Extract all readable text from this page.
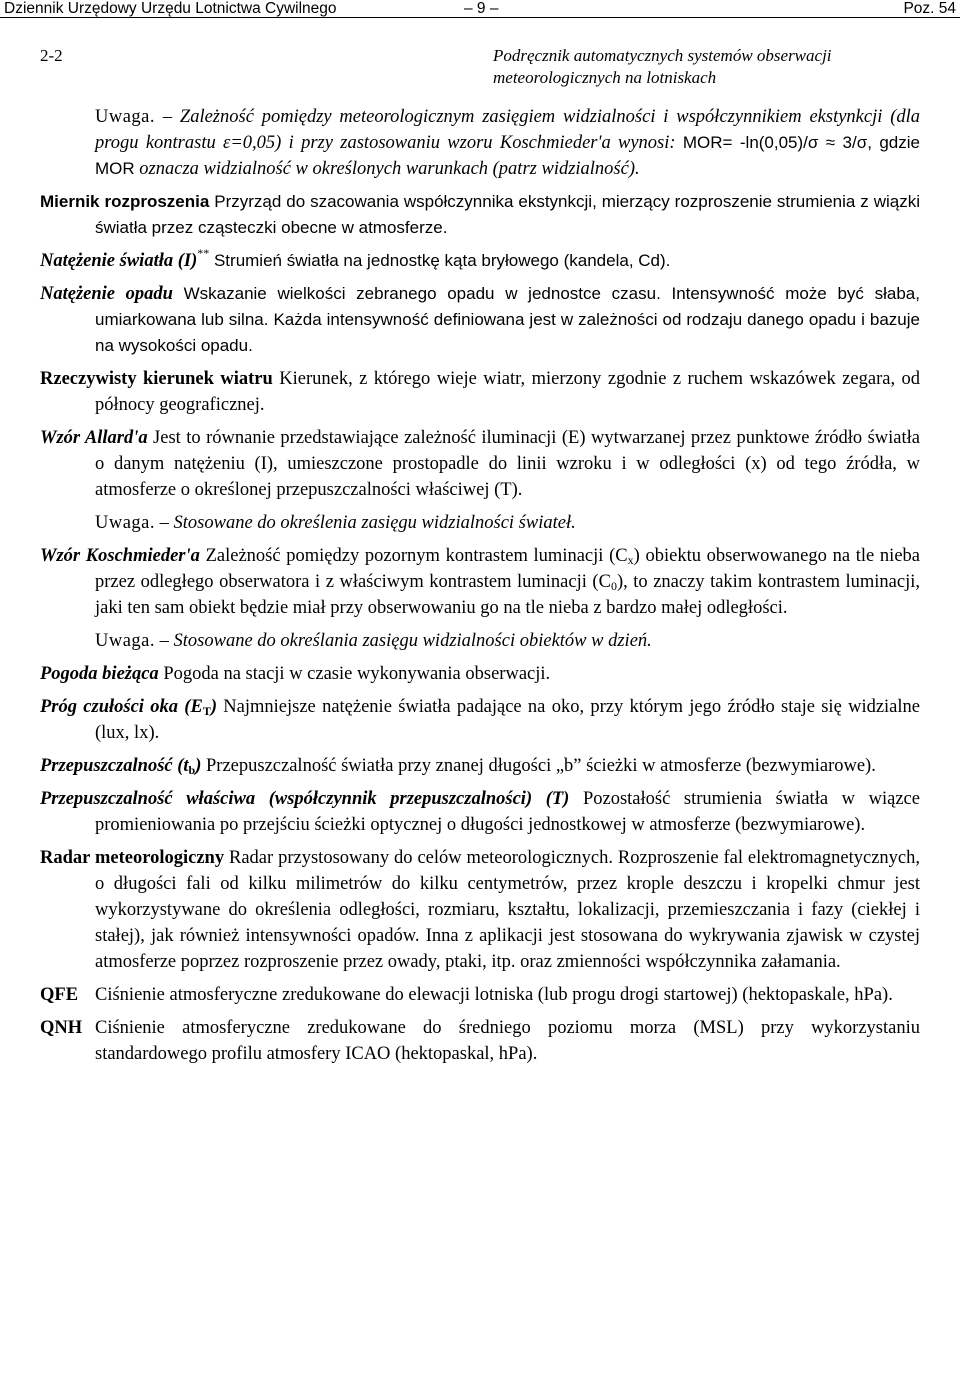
Dziennik Urzędowy Urzędu Lotnictwa Cywilnego	– 9 –	Poz. 54
2-2	Podręcznik automatycznych systemów obserwacji
meteorologicznych na lotniskach

Uwaga. – Zależność pomiędzy meteorologicznym zasięgiem widzialności i współczynnikiem ekstynkcji (dla progu kontrastu ε=0,05) i przy zastosowaniu wzoru Koschmieder'a wynosi: MOR= -ln(0,05)/σ ≈ 3/σ, gdzie MOR oznacza widzialność w określonych warunkach (patrz widzialność).

Miernik rozproszenia Przyrząd do szacowania współczynnika ekstynkcji, mierzący rozproszenie strumienia z wiązki światła przez cząsteczki obecne w atmosferze.

Natężenie światła (I)** Strumień światła na jednostkę kąta bryłowego (kandela, Cd).

Natężenie opadu Wskazanie wielkości zebranego opadu w jednostce czasu. Intensywność może być słaba, umiarkowana lub silna. Każda intensywność definiowana jest w zależności od rodzaju danego opadu i bazuje na wysokości opadu.

Rzeczywisty kierunek wiatru Kierunek, z którego wieje wiatr, mierzony zgodnie z ruchem wskazówek zegara, od północy geograficznej.

Wzór Allard'a Jest to równanie przedstawiające zależność iluminacji (E) wytwarzanej przez punktowe źródło światła o danym natężeniu (I), umieszczone prostopadle do linii wzroku i w odległości (x) od tego źródła, w atmosferze o określonej przepuszczalności właściwej (T).

Uwaga. – Stosowane do określenia zasięgu widzialności świateł.

Wzór Koschmieder'a Zależność pomiędzy pozornym kontrastem luminacji $(C_x)$ obiektu obserwowanego na tle nieba przez odległego obserwatora i z właściwym kontrastem luminacji $(C_0)$, to znaczy takim kontrastem luminacji, jaki ten sam obiekt będzie miał przy obserwowaniu go na tle nieba z bardzo małej odległości.

Uwaga. – Stosowane do określania zasięgu widzialności obiektów w dzień.

Pogoda bieżąca Pogoda na stacji w czasie wykonywania obserwacji.

Próg czułości oka $(E_T)$ Najmniejsze natężenie światła padające na oko, przy którym jego źródło staje się widzialne (lux, lx).

Przepuszczalność $(t_b)$ Przepuszczalność światła przy znanej długości „b” ścieżki w atmosferze (bezwymiarowe).

Przepuszczalność właściwa (współczynnik przepuszczalności) (T) Pozostałość strumienia światła w wiązce promieniowania po przejściu ścieżki optycznej o długości jednostkowej w atmosferze (bezwymiarowe).

Radar meteorologiczny Radar przystosowany do celów meteorologicznych. Rozproszenie fal elektromagnetycznych, o długości fali od kilku milimetrów do kilku centymetrów, przez krople deszczu i kropelki chmur jest wykorzystywane do określenia odległości, rozmiaru, kształtu, lokalizacji, przemieszczania i fazy (ciekłej i stałej), jak również intensywności opadów. Inna z aplikacji jest stosowana do wykrywania zjawisk w czystej atmosferze poprzez rozproszenie przez owady, ptaki, itp. oraz zmienności współczynnika załamania.

QFE Ciśnienie atmosferyczne zredukowane do elewacji lotniska (lub progu drogi startowej) (hektopaskale, hPa).

QNH Ciśnienie atmosferyczne zredukowane do średniego poziomu morza (MSL) przy wykorzystaniu standardowego profilu atmosfery ICAO (hektopaskal, hPa).
